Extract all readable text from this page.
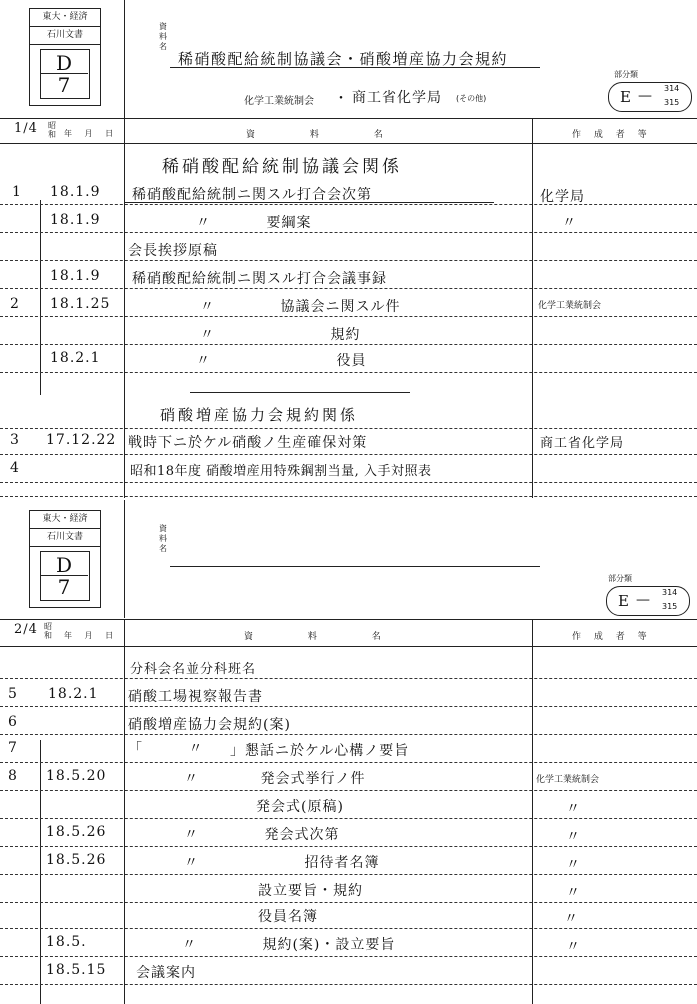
東大・経済
石川文書
D
7
資
料
名
稀硝酸配給統制協議会・硝酸増産協力会規約
化学工業統制会 ・ 商工省化学局 (その他)
部分類
E — 314
315
1/4 昭和 年 月 日	資 料 名	作 成 者 等
稀硝酸配給統制協議会関係
1 18.1.9 稀硝酸配給統制ニ関スル打合会次第	化学局
18.1.9	〃 要綱案	〃
会長挨拶原稿
18.1.9 稀硝酸配給統制ニ関スル打合会議事録
2 18.1.25	〃 協議会ニ関スル件	化学工業統制会
〃 規約
18.2.1	〃 役員
硝酸増産協力会規約関係
3 17.12.22 戦時下ニ於ケル硝酸ノ生産確保対策	商工省化学局
4	昭和18年度 硝酸増産用特殊鋼割当量, 入手対照表
東大・経済
石川文書
D
7
資
料
名
部分類
E — 314
315
2/4 昭和 年 月 日	資 料 名	作 成 者 等
分科会名並分科班名
5 18.2.1 硝酸工場視察報告書
6	硝酸増産協力会規約(案)
7	「 〃 」懇話ニ於ケル心構ノ要旨
8 18.5.20	〃 発会式挙行ノ件	化学工業統制会
発会式(原稿)	〃
18.5.26	〃 発会式次第	〃
18.5.26	〃 招待者名簿	〃
設立要旨・規約	〃
役員名簿	〃
18.5.	〃 規約(案)・設立要旨	〃
18.5.15 会議案内
